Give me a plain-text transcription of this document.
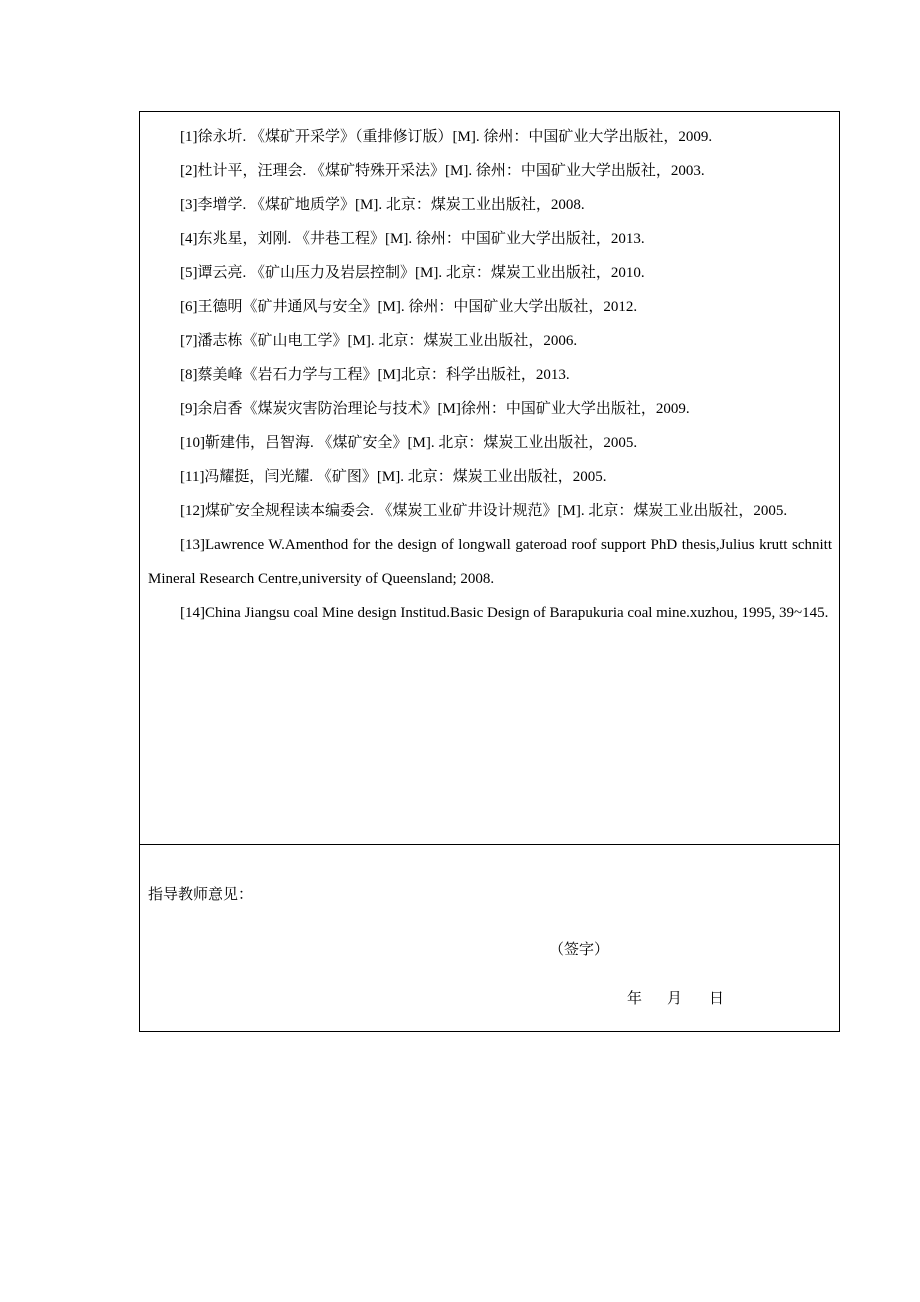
[1]徐永圻. 《煤矿开采学》（重排修订版）[M]. 徐州：中国矿业大学出版社，2009.
[2]杜计平，汪理会. 《煤矿特殊开采法》[M]. 徐州：中国矿业大学出版社，2003.
[3]李增学. 《煤矿地质学》[M]. 北京：煤炭工业出版社，2008.
[4]东兆星，刘刚. 《井巷工程》[M]. 徐州：中国矿业大学出版社，2013.
[5]谭云亮. 《矿山压力及岩层控制》[M]. 北京：煤炭工业出版社，2010.
[6]王德明《矿井通风与安全》[M]. 徐州：中国矿业大学出版社，2012.
[7]潘志栋《矿山电工学》[M]. 北京：煤炭工业出版社，2006.
[8]蔡美峰《岩石力学与工程》[M]北京：科学出版社，2013.
[9]余启香《煤炭灾害防治理论与技术》[M]徐州：中国矿业大学出版社，2009.
[10]靳建伟，吕智海. 《煤矿安全》[M]. 北京：煤炭工业出版社，2005.
[11]冯耀挺，闫光耀. 《矿图》[M]. 北京：煤炭工业出版社，2005.
[12]煤矿安全规程读本编委会. 《煤炭工业矿井设计规范》[M]. 北京：煤炭工业出版社，2005.
[13]Lawrence W.Amenthod for the design of longwall gateroad roof support PhD thesis,Julius krutt schnitt Mineral Research Centre,university of Queensland; 2008.
[14]China Jiangsu coal Mine design Institud.Basic Design of Barapukuria coal mine.xuzhou, 1995, 39~145.

指导教师意见：

（签字）
年 月 日
